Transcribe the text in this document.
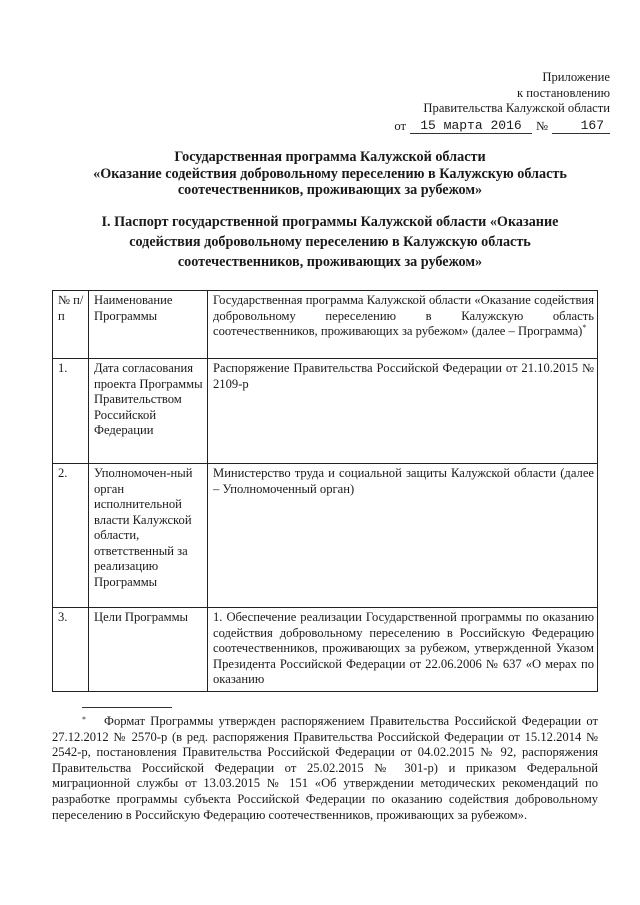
Приложение
к постановлению
Правительства Калужской области
от	15 марта 2016	№	167
Государственная программа Калужской области
«Оказание содействия добровольному переселению в Калужскую область
соотечественников, проживающих за рубежом»
I. Паспорт государственной программы Калужской области «Оказание
содействия добровольному переселению в Калужскую область
соотечественников, проживающих за рубежом»
№ п/п	Наименование Программы	Государственная программа Калужской области «Оказание содействия добровольному переселению в Калужскую область соотечественников, проживающих за рубежом» (далее – Программа)*
1.	Дата согласования проекта Программы Правительством Российской Федерации	Распоряжение Правительства Российской Федерации от 21.10.2015 № 2109-р
2.	Уполномочен-ный орган исполнительной власти Калужской области, ответственный за реализацию Программы	Министерство труда и социальной защиты Калужской области (далее – Уполномоченный орган)
3.	Цели Программы	1. Обеспечение реализации Государственной программы по оказанию содействия добровольному переселению в Российскую Федерацию соотечественников, проживающих за рубежом, утвержденной Указом Президента Российской Федерации от 22.06.2006 № 637 «О мерах по оказанию
*	Формат Программы утвержден распоряжением Правительства Российской Федерации от 27.12.2012 № 2570-р (в ред. распоряжения Правительства Российской Федерации от 15.12.2014 № 2542-р, постановления Правительства Российской Федерации от 04.02.2015 № 92, распоряжения Правительства Российской Федерации от 25.02.2015 № 301-р) и приказом Федеральной миграционной службы от 13.03.2015 № 151 «Об утверждении методических рекомендаций по разработке программы субъекта Российской Федерации по оказанию содействия добровольному переселению в Российскую Федерацию соотечественников, проживающих за рубежом».
